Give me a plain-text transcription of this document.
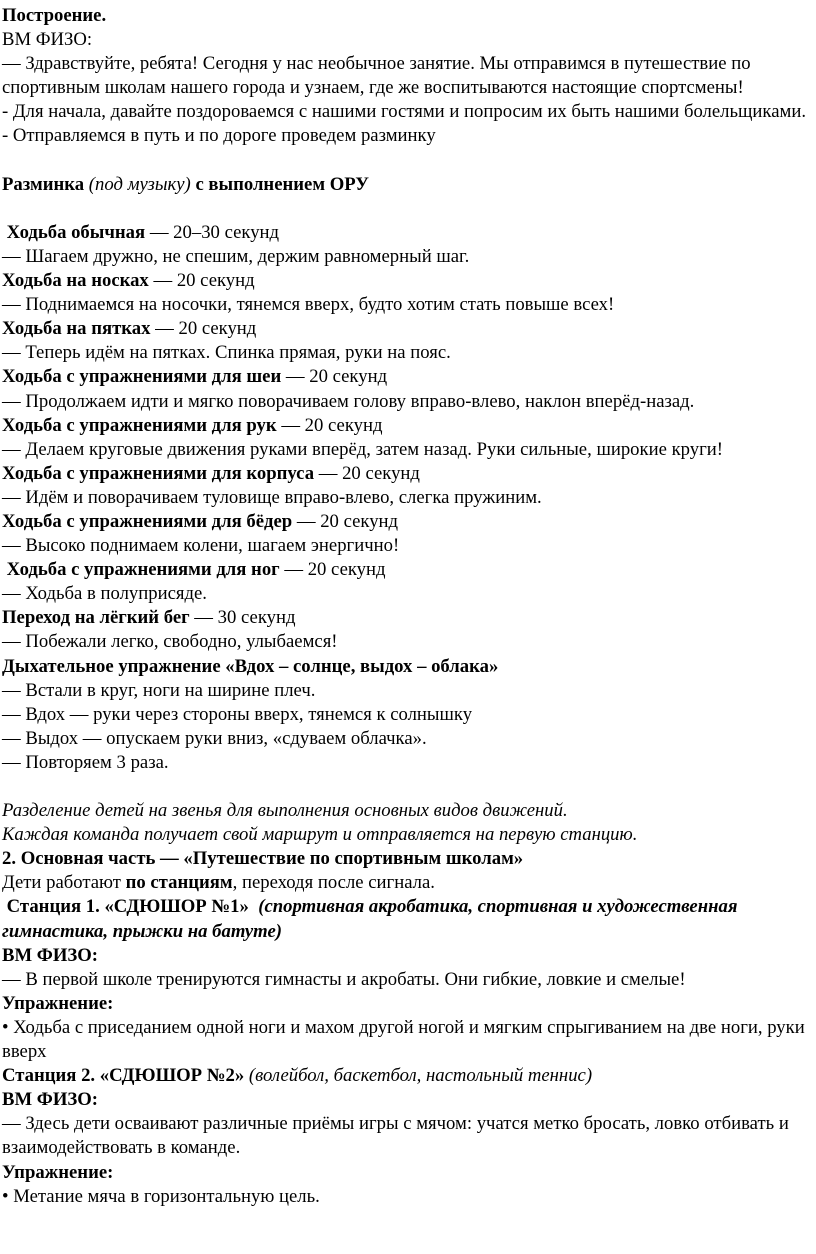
Построение.

ВМ ФИЗО:

— Здравствуйте, ребята! Сегодня у нас необычное занятие. Мы отправимся в путешествие по спортивным школам нашего города и узнаем, где же воспитываются настоящие спортсмены!

- Для начала, давайте поздороваемся с нашими гостями и попросим их быть нашими болельщиками.

- Отправляемся в путь и по дороге проведем разминку

Разминка (под музыку) с выполнением ОРУ

Ходьба обычная — 20–30 секунд

— Шагаем дружно, не спешим, держим равномерный шаг.

Ходьба на носках — 20 секунд

— Поднимаемся на носочки, тянемся вверх, будто хотим стать повыше всех!

Ходьба на пятках — 20 секунд

— Теперь идём на пятках. Спинка прямая, руки на пояс.

Ходьба с упражнениями для шеи — 20 секунд

— Продолжаем идти и мягко поворачиваем голову вправо-влево, наклон вперёд-назад.

Ходьба с упражнениями для рук — 20 секунд

— Делаем круговые движения руками вперёд, затем назад. Руки сильные, широкие круги!

Ходьба с упражнениями для корпуса — 20 секунд

— Идём и поворачиваем туловище вправо-влево, слегка пружиним.

Ходьба с упражнениями для бёдер — 20 секунд

— Высоко поднимаем колени, шагаем энергично!

Ходьба с упражнениями для ног — 20 секунд

— Ходьба в полуприсяде.

Переход на лёгкий бег — 30 секунд

— Побежали легко, свободно, улыбаемся!

Дыхательное упражнение «Вдох – солнце, выдох – облака»

— Встали в круг, ноги на ширине плеч.

— Вдох — руки через стороны вверх, тянемся к солнышку

— Выдох — опускаем руки вниз, «сдуваем облачка».

— Повторяем 3 раза.

Разделение детей на звенья для выполнения основных видов движений.

Каждая команда получает свой маршрут и отправляется на первую станцию.

2. Основная часть — «Путешествие по спортивным школам»

Дети работают по станциям, переходя после сигнала.

Станция 1. «СДЮШОР №1»  (спортивная акробатика, спортивная и художественная гимнастика, прыжки на батуте)

ВМ ФИЗО:

— В первой школе тренируются гимнасты и акробаты. Они гибкие, ловкие и смелые!

Упражнение:

• Ходьба с приседанием одной ноги и махом другой ногой и мягким спрыгиванием на две ноги, руки вверх

Станция 2. «СДЮШОР №2» (волейбол, баскетбол, настольный теннис)

ВМ ФИЗО:

— Здесь дети осваивают различные приёмы игры с мячом: учатся метко бросать, ловко отбивать и взаимодействовать в команде.

Упражнение:

• Метание мяча в горизонтальную цель.
